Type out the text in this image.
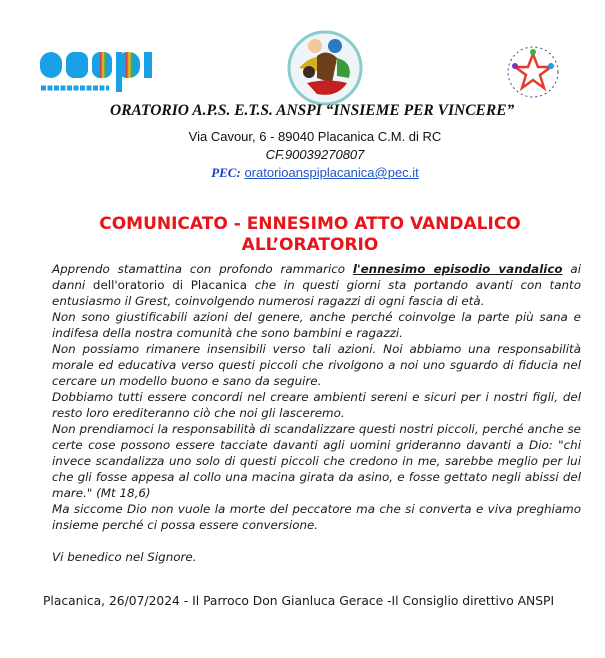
ORATORIO A.P.S. E.T.S. ANSPI “INSIEME PER VINCERE”
Via Cavour, 6 - 89040 Placanica C.M. di RC
CF.90039270807
PEC: oratorioanspiplacanica@pec.it
COMUNICATO - ENNESIMO ATTO VANDALICO
ALL’ORATORIO

Apprendo stamattina con profondo rammarico l'ennesimo episodio vandalico ai danni dell'oratorio di Placanica che in questi giorni sta portando avanti con tanto entusiasmo il Grest, coinvolgendo numerosi ragazzi di ogni fascia di età.

Non sono giustificabili azioni del genere, anche perché coinvolge la parte più sana e indifesa della nostra comunità che sono bambini e ragazzi.

Non possiamo rimanere insensibili verso tali azioni. Noi abbiamo una responsabilità morale ed educativa verso questi piccoli che rivolgono a noi uno sguardo di fiducia nel cercare un modello buono e sano da seguire.

Dobbiamo tutti essere concordi nel creare ambienti sereni e sicuri per i nostri figli, del resto loro erediteranno ciò che noi gli lasceremo.

Non prendiamoci la responsabilità di scandalizzare questi nostri piccoli, perché anche se certe cose possono essere tacciate davanti agli uomini grideranno davanti a Dio: "chi invece scandalizza uno solo di questi piccoli che credono in me, sarebbe meglio per lui che gli fosse appesa al collo una macina girata da asino, e fosse gettato negli abissi del mare." (Mt 18,6)

Ma siccome Dio non vuole la morte del peccatore ma che si converta e viva preghiamo insieme perché ci possa essere conversione.

Vi benedico nel Signore.

Placanica, 26/07/2024 - Il Parroco Don Gianluca Gerace -Il Consiglio direttivo ANSPI
